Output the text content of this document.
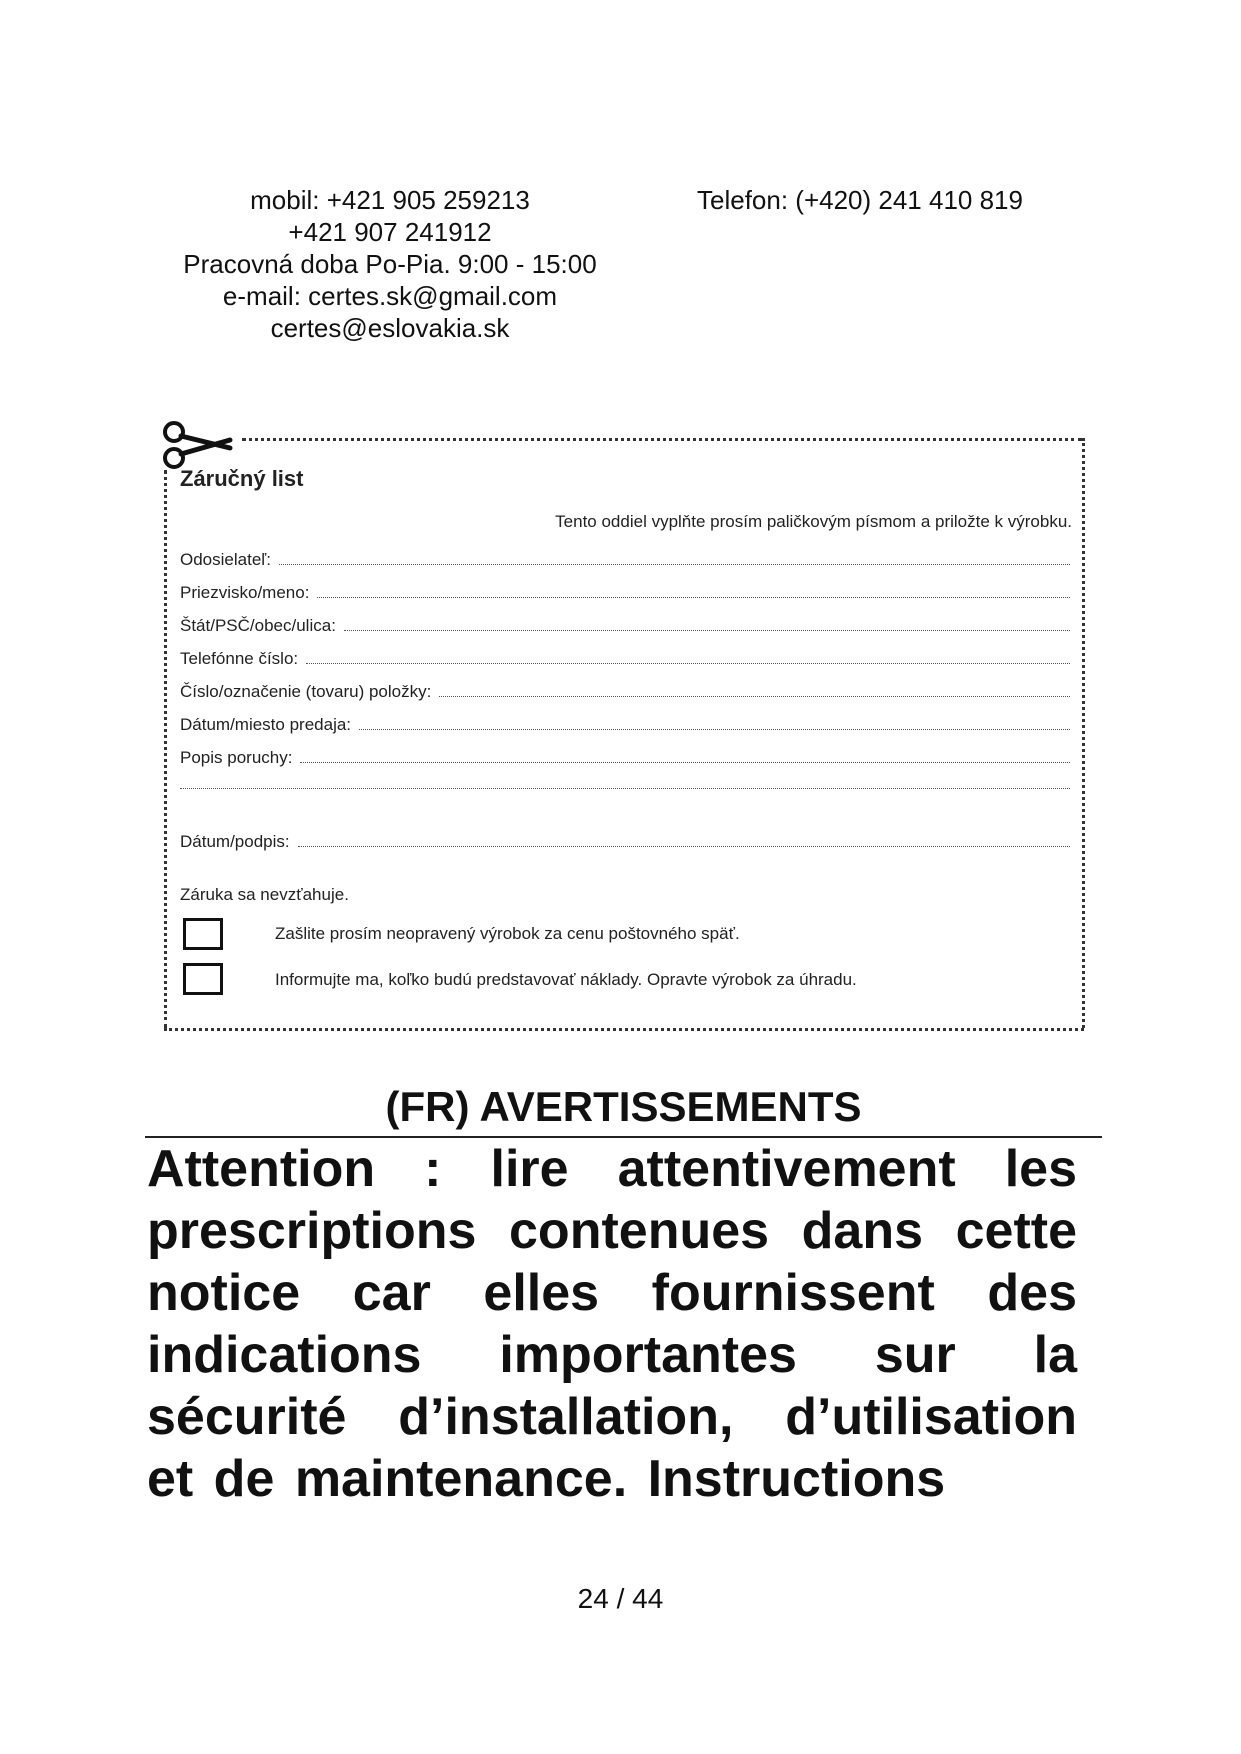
mobil: +421 905 259213
+421 907 241912
Pracovná doba Po-Pia. 9:00 - 15:00
e-mail: certes.sk@gmail.com
certes@eslovakia.sk
Telefon: (+420) 241 410 819
Záručný list
Tento oddiel vyplňte prosím paličkovým písmom a priložte k výrobku.
Odosielateľ:
Priezvisko/meno:
Štát/PSČ/obec/ulica:
Telefónne číslo:
Číslo/označenie (tovaru) položky:
Dátum/miesto predaja:
Popis poruchy:
Dátum/podpis:
Záruka sa nevzťahuje.
Zašlite prosím neopravený výrobok za cenu poštovného späť.
Informujte ma, koľko budú predstavovať náklady. Opravte výrobok za úhradu.
(FR) AVERTISSEMENTS
Attention : lire attentivement les prescriptions contenues dans cette notice car elles fournissent des indications importantes sur la sécurité d’installation, d’utilisation et de maintenance. Instructions
24 / 44
